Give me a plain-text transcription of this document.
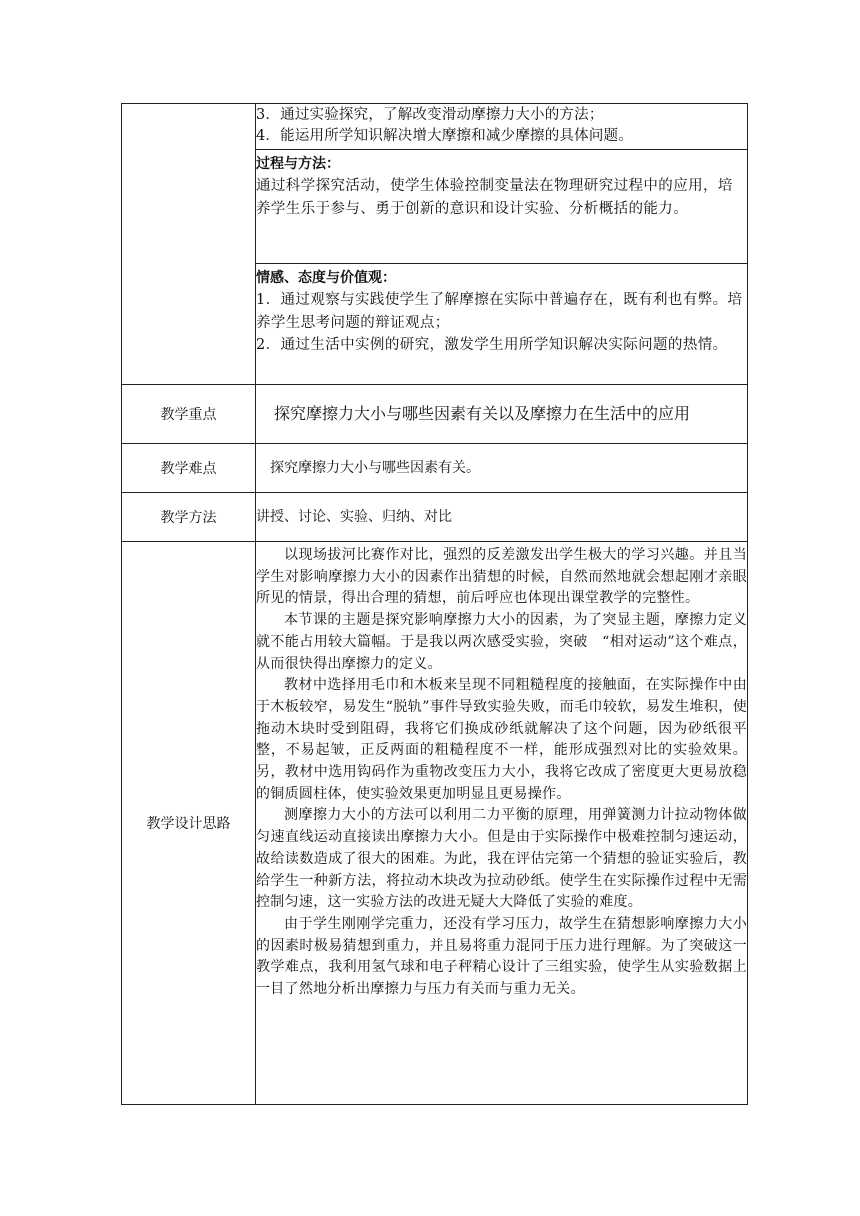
	3．通过实验探究，了解改变滑动摩擦力大小的方法；
4．能运用所学知识解决增大摩擦和减少摩擦的具体问题。

	过程与方法：
通过科学探究活动，使学生体验控制变量法在物理研究过程中的应用，培养学生乐于参与、勇于创新的意识和设计实验、分析概括的能力。

	情感、态度与价值观：
1．通过观察与实践使学生了解摩擦在实际中普遍存在，既有利也有弊。培养学生思考问题的辩证观点；
2．通过生活中实例的研究，激发学生用所学知识解决实际问题的热情。

教学重点	探究摩擦力大小与哪些因素有关以及摩擦力在生活中的应用
教学难点	探究摩擦力大小与哪些因素有关。
教学方法	讲授、讨论、实验、归纳、对比
教学设计思路	以现场拔河比赛作对比，强烈的反差激发出学生极大的学习兴趣。并且当学生对影响摩擦力大小的因素作出猜想的时候，自然而然地就会想起刚才亲眼所见的情景，得出合理的猜想，前后呼应也体现出课堂教学的完整性。

本节课的主题是探究影响摩擦力大小的因素，为了突显主题，摩擦力定义就不能占用较大篇幅。于是我以两次感受实验，突破　“相对运动”这个难点，从而很快得出摩擦力的定义。

教材中选择用毛巾和木板来呈现不同粗糙程度的接触面，在实际操作中由于木板较窄，易发生“脱轨”事件导致实验失败，而毛巾较软，易发生堆积，使拖动木块时受到阻碍，我将它们换成砂纸就解决了这个问题，因为砂纸很平整，不易起皱，正反两面的粗糙程度不一样，能形成强烈对比的实验效果。另，教材中选用钩码作为重物改变压力大小，我将它改成了密度更大更易放稳的铜质圆柱体，使实验效果更加明显且更易操作。

测摩擦力大小的方法可以利用二力平衡的原理，用弹簧测力计拉动物体做匀速直线运动直接读出摩擦力大小。但是由于实际操作中极难控制匀速运动，故给读数造成了很大的困难。为此，我在评估完第一个猜想的验证实验后，教给学生一种新方法，将拉动木块改为拉动砂纸。使学生在实际操作过程中无需控制匀速，这一实验方法的改进无疑大大降低了实验的难度。

由于学生刚刚学完重力，还没有学习压力，故学生在猜想影响摩擦力大小的因素时极易猜想到重力，并且易将重力混同于压力进行理解。为了突破这一教学难点，我利用氢气球和电子秤精心设计了三组实验，使学生从实验数据上一目了然地分析出摩擦力与压力有关而与重力无关。
